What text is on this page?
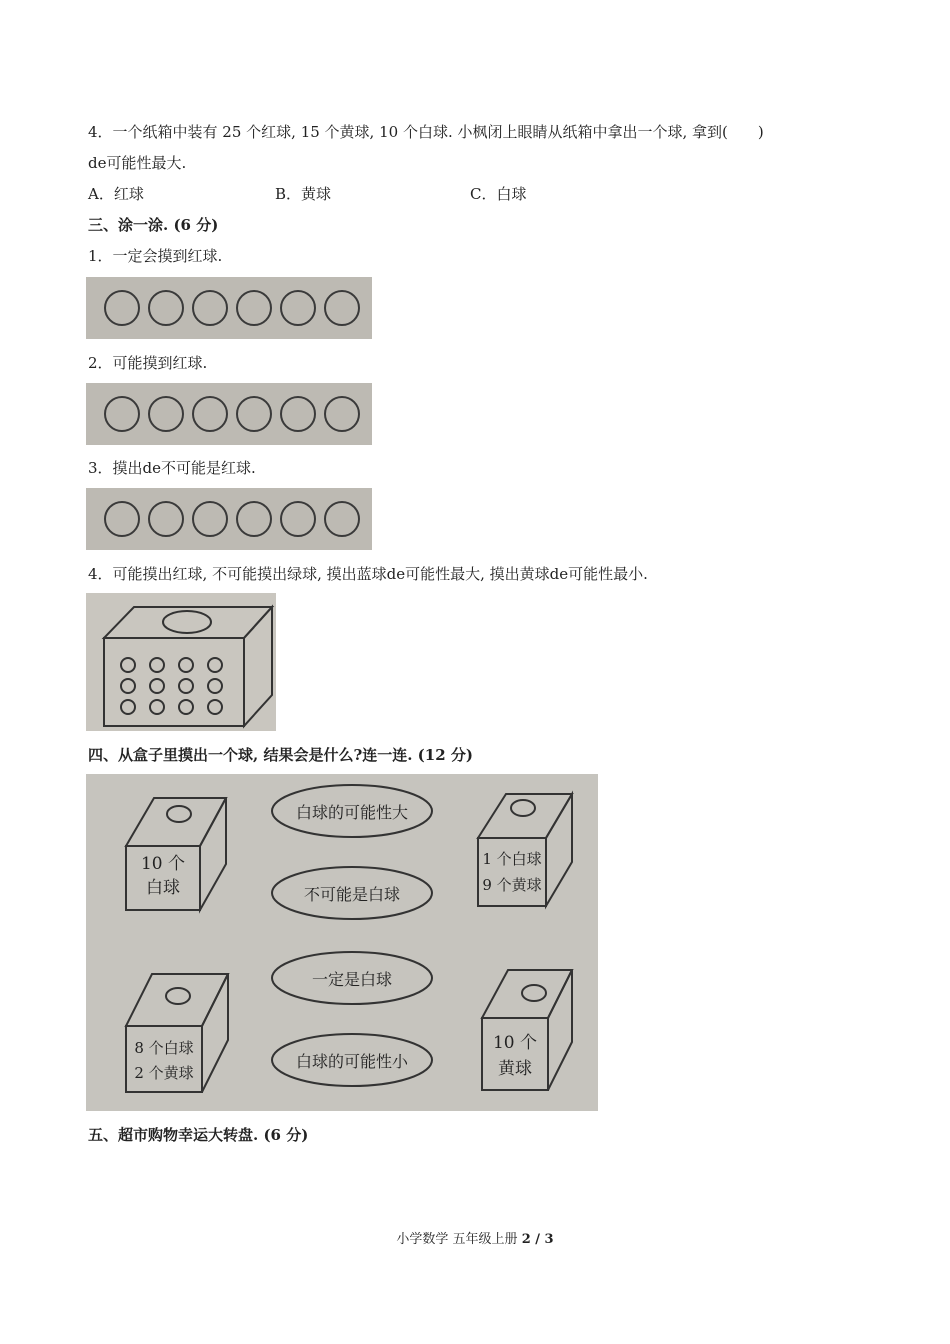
4．一个纸箱中装有 25 个红球, 15 个黄球, 10 个白球. 小枫闭上眼睛从纸箱中拿出一个球, 拿到(　　)
de可能性最大.
A．红球	B．黄球	C．白球
三、涂一涂. (6 分)
1．一定会摸到红球.
2．可能摸到红球.
3．摸出de不可能是红球.
4．可能摸出红球, 不可能摸出绿球, 摸出蓝球de可能性最大, 摸出黄球de可能性最小.
四、从盒子里摸出一个球, 结果会是什么?连一连. (12 分)
10 个
白球
1 个白球
9 个黄球
8 个白球
2 个黄球
10 个
黄球
白球的可能性大
不可能是白球
一定是白球
白球的可能性小
五、超市购物幸运大转盘. (6 分)
小学数学 五年级上册 2 / 3
